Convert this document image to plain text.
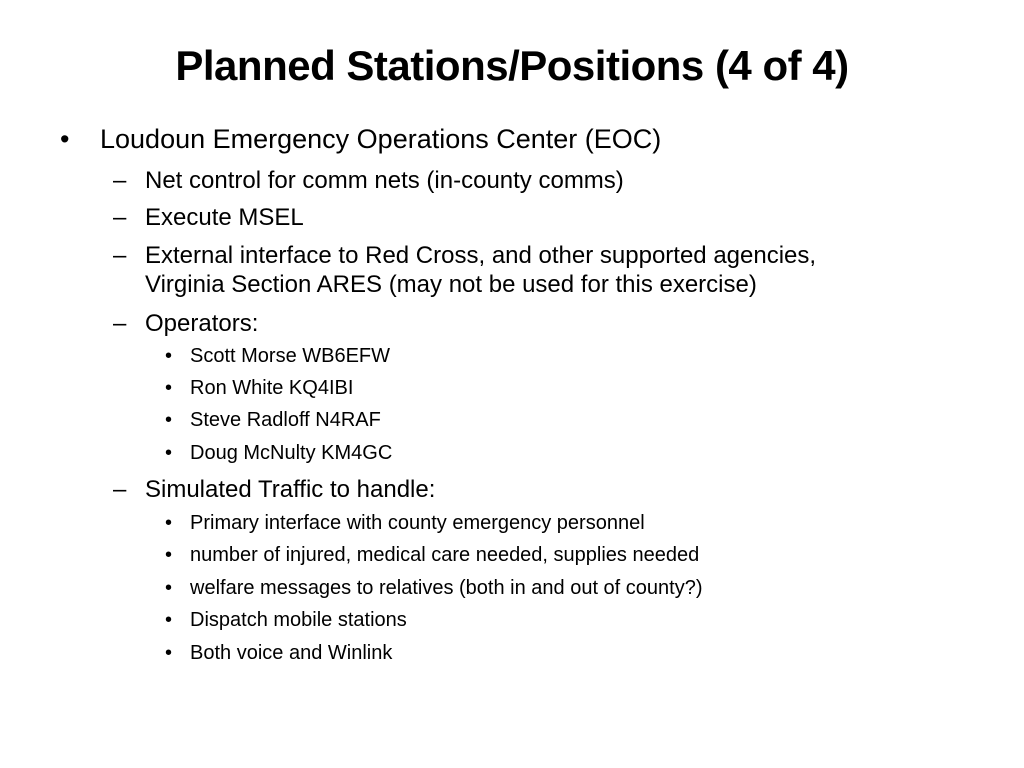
Planned Stations/Positions (4 of 4)
• Loudoun Emergency Operations Center (EOC)
– Net control for comm nets (in-county comms)
– Execute MSEL
– External interface to Red Cross, and other supported agencies,
Virginia Section ARES (may not be used for this exercise)
– Operators:
• Scott Morse WB6EFW
• Ron White KQ4IBI
• Steve Radloff N4RAF
• Doug McNulty KM4GC
– Simulated Traffic to handle:
• Primary interface with county emergency personnel
• number of injured, medical care needed, supplies needed
• welfare messages to relatives (both in and out of county?)
• Dispatch mobile stations
• Both voice and Winlink
